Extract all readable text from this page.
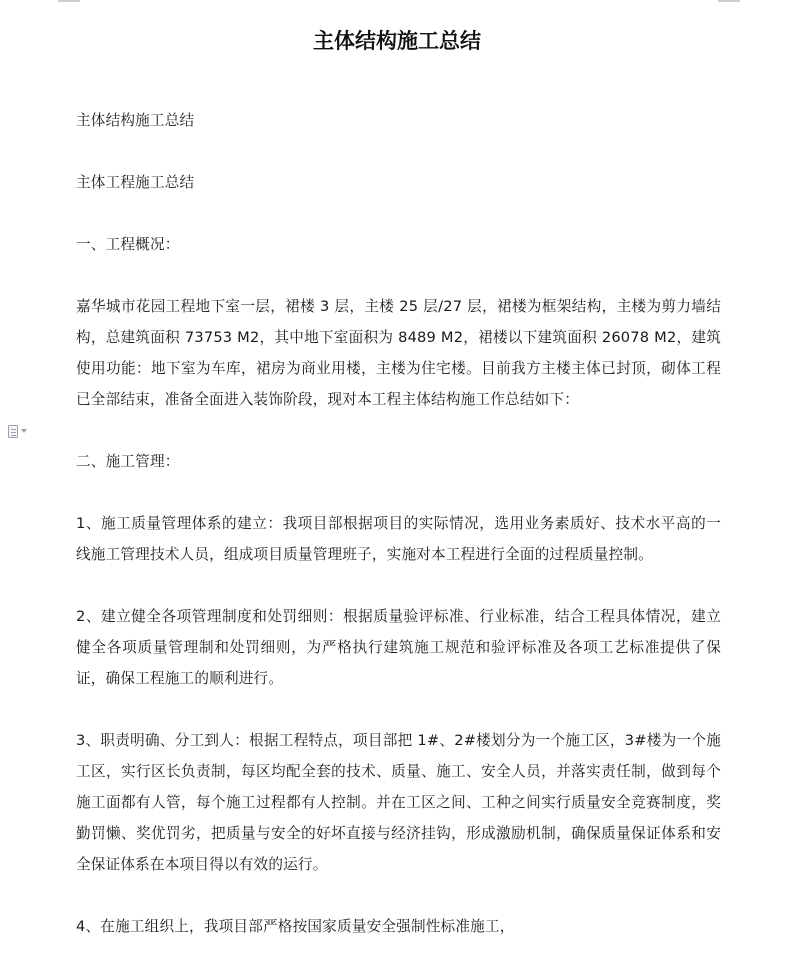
主体结构施工总结

主体结构施工总结

主体工程施工总结

一、工程概况：

嘉华城市花园工程地下室一层，裙楼 3 层，主楼 25 层/27 层，裙楼为框架结构，主楼为剪力墙结构，总建筑面积 73753 M2，其中地下室面积为 8489 M2，裙楼以下建筑面积 26078 M2，建筑使用功能：地下室为车库，裙房为商业用楼，主楼为住宅楼。目前我方主楼主体已封顶，砌体工程已全部结束，准备全面进入装饰阶段，现对本工程主体结构施工作总结如下：

二、施工管理：

1、施工质量管理体系的建立：我项目部根据项目的实际情况，选用业务素质好、技术水平高的一线施工管理技术人员，组成项目质量管理班子，实施对本工程进行全面的过程质量控制。

2、建立健全各项管理制度和处罚细则：根据质量验评标准、行业标准，结合工程具体情况，建立健全各项质量管理制和处罚细则，为严格执行建筑施工规范和验评标准及各项工艺标准提供了保证，确保工程施工的顺利进行。

3、职责明确、分工到人：根据工程特点，项目部把 1#、2#楼划分为一个施工区，3#楼为一个施工区，实行区长负责制，每区均配全套的技术、质量、施工、安全人员，并落实责任制，做到每个施工面都有人管，每个施工过程都有人控制。并在工区之间、工种之间实行质量安全竞赛制度，奖勤罚懒、奖优罚劣，把质量与安全的好坏直接与经济挂钩，形成激励机制，确保质量保证体系和安全保证体系在本项目得以有效的运行。

4、在施工组织上，我项目部严格按国家质量安全强制性标准施工，
